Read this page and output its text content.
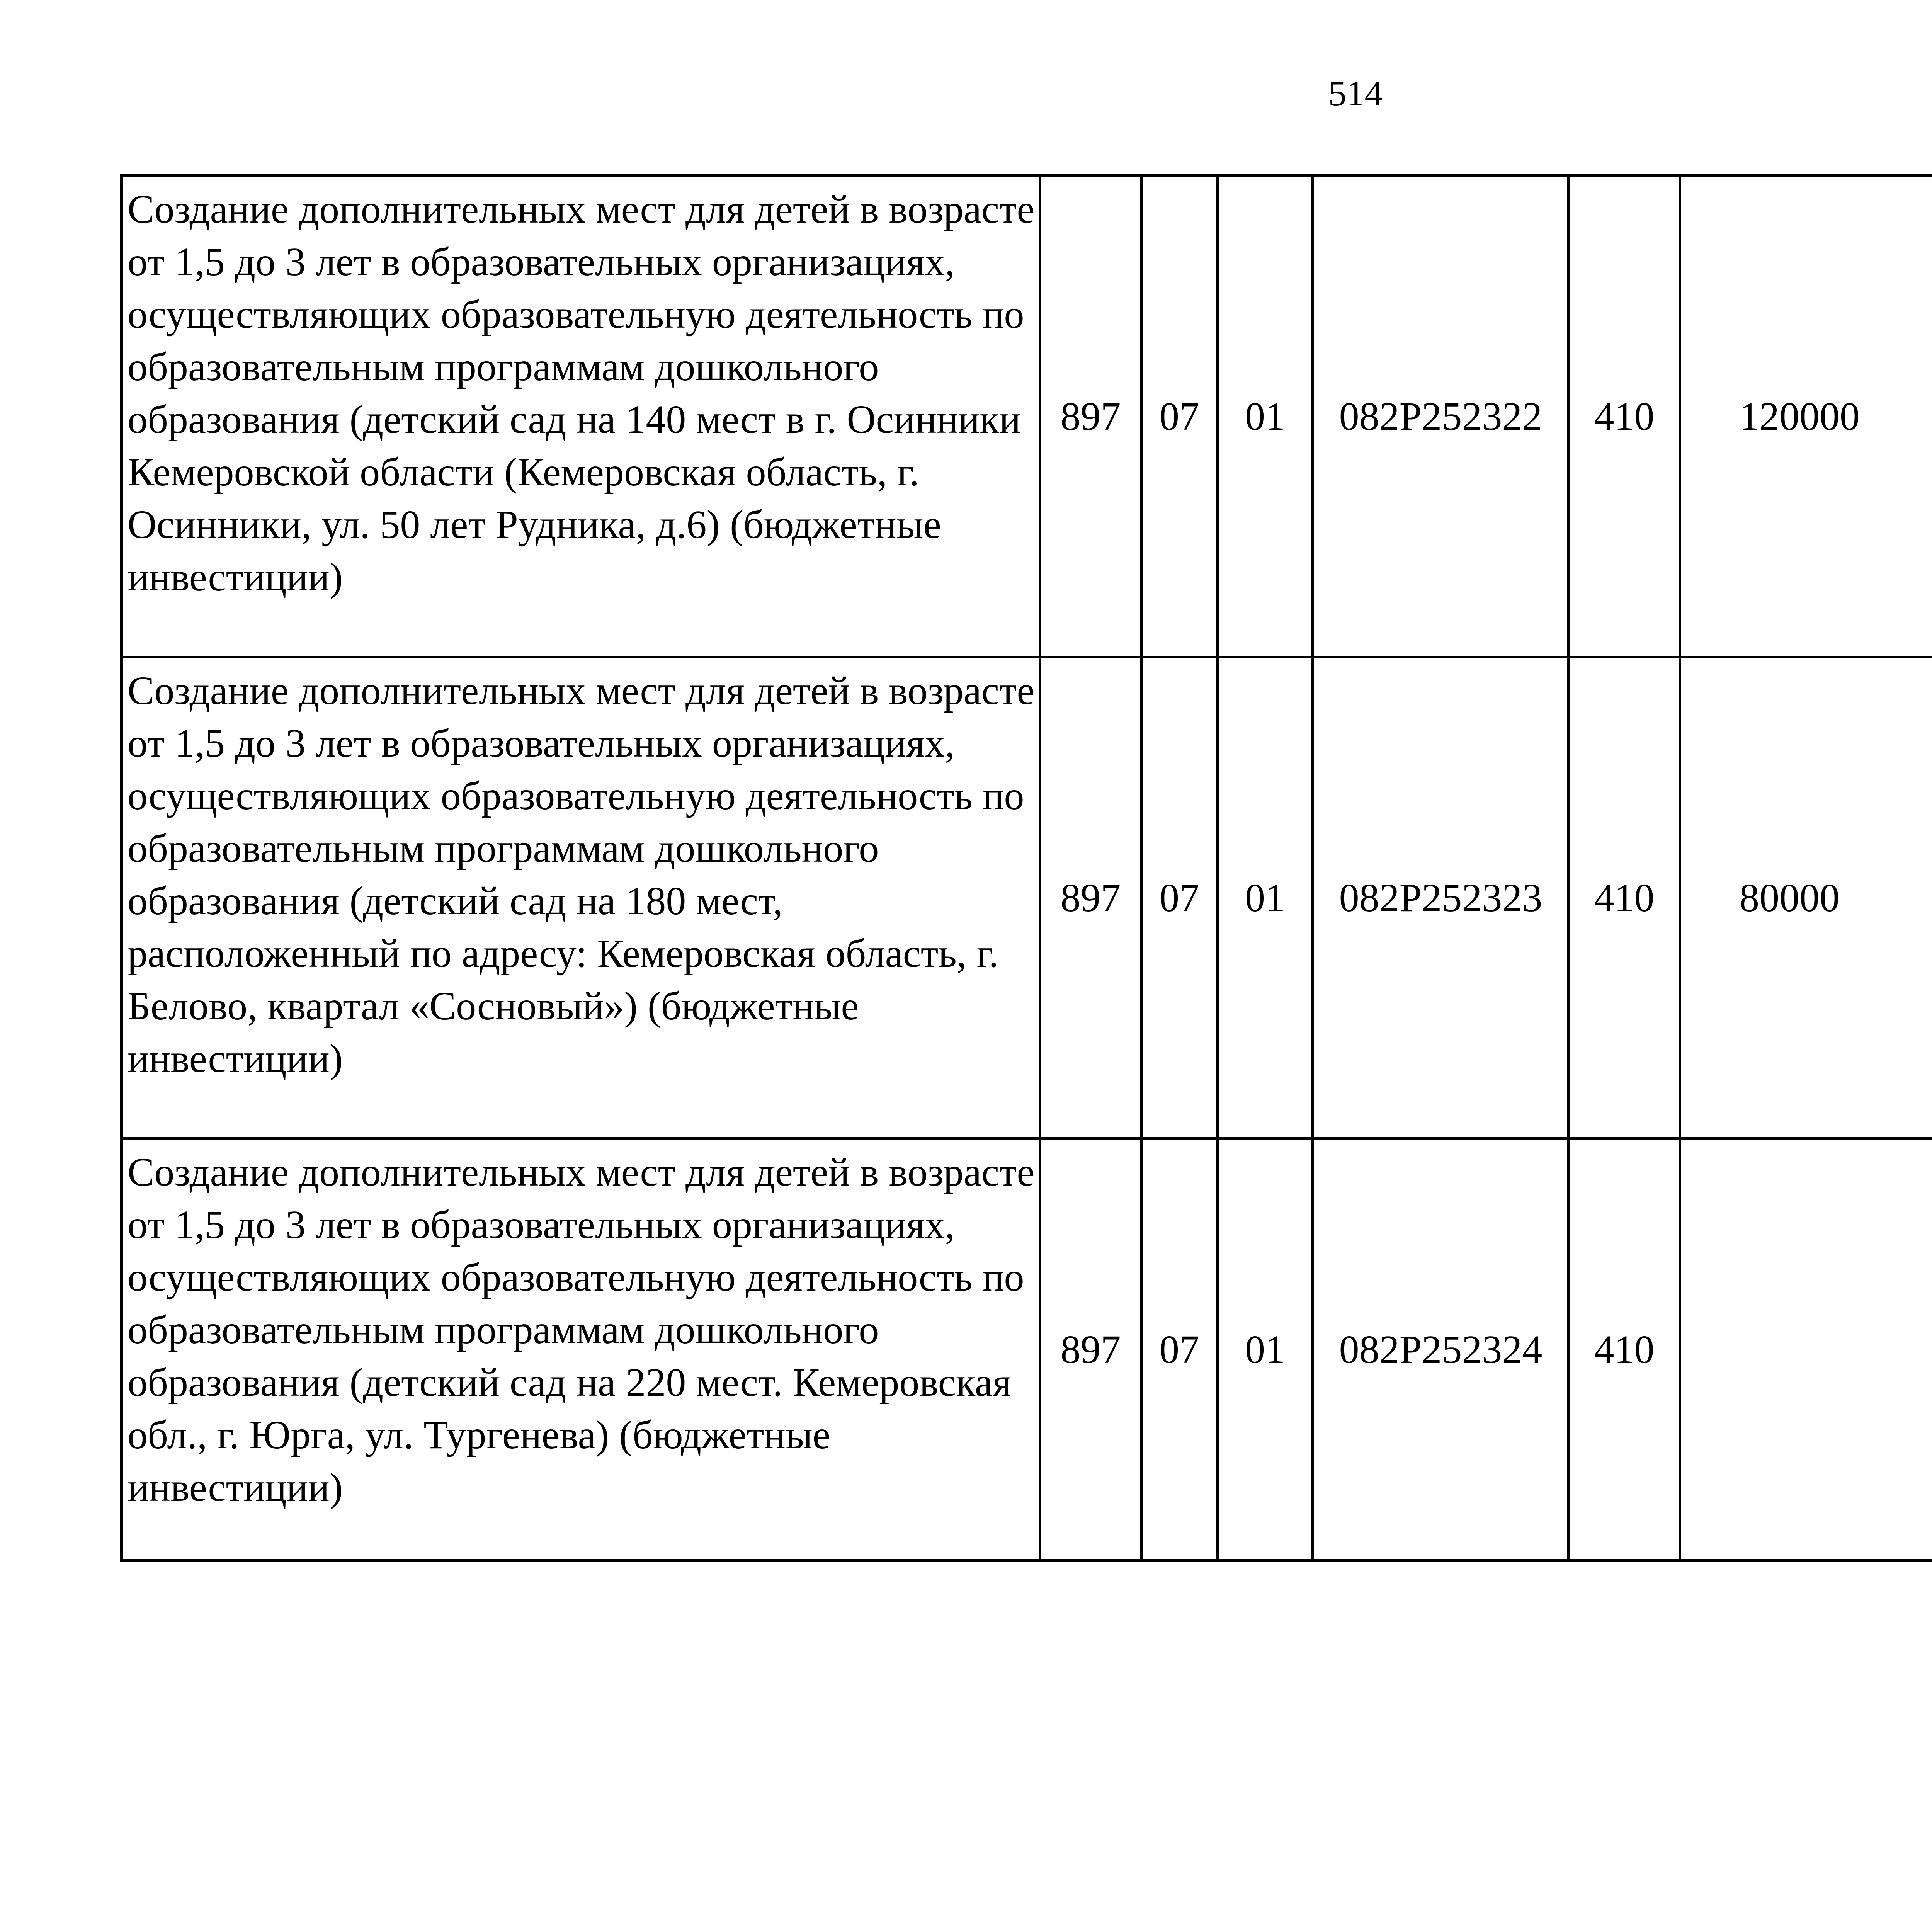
514
Создание дополнительных мест для детей в возрасте от 1,5 до 3 лет в образовательных организациях, осуществляющих образовательную деятельность по образовательным программам дошкольного образования (детский сад на 140 мест в г. Осинники Кемеровской области (Кемеровская область, г. Осинники, ул. 50 лет Рудника, д.6) (бюджетные инвестиции)	897	07	01	082P252322	410	120000		
Создание дополнительных мест для детей в возрасте от 1,5 до 3 лет в образовательных организациях, осуществляющих образовательную деятельность по образовательным программам дошкольного образования (детский сад на 180 мест, расположенный по адресу: Кемеровская область, г. Белово, квартал «Сосновый») (бюджетные инвестиции)	897	07	01	082P252323	410	80000		
Создание дополнительных мест для детей в возрасте от 1,5 до 3 лет в образовательных организациях, осуществляющих образовательную деятельность по образовательным программам дошкольного образования (детский сад на 220 мест. Кемеровская обл., г. Юрга, ул. Тургенева) (бюджетные инвестиции)	897	07	01	082P252324	410			
